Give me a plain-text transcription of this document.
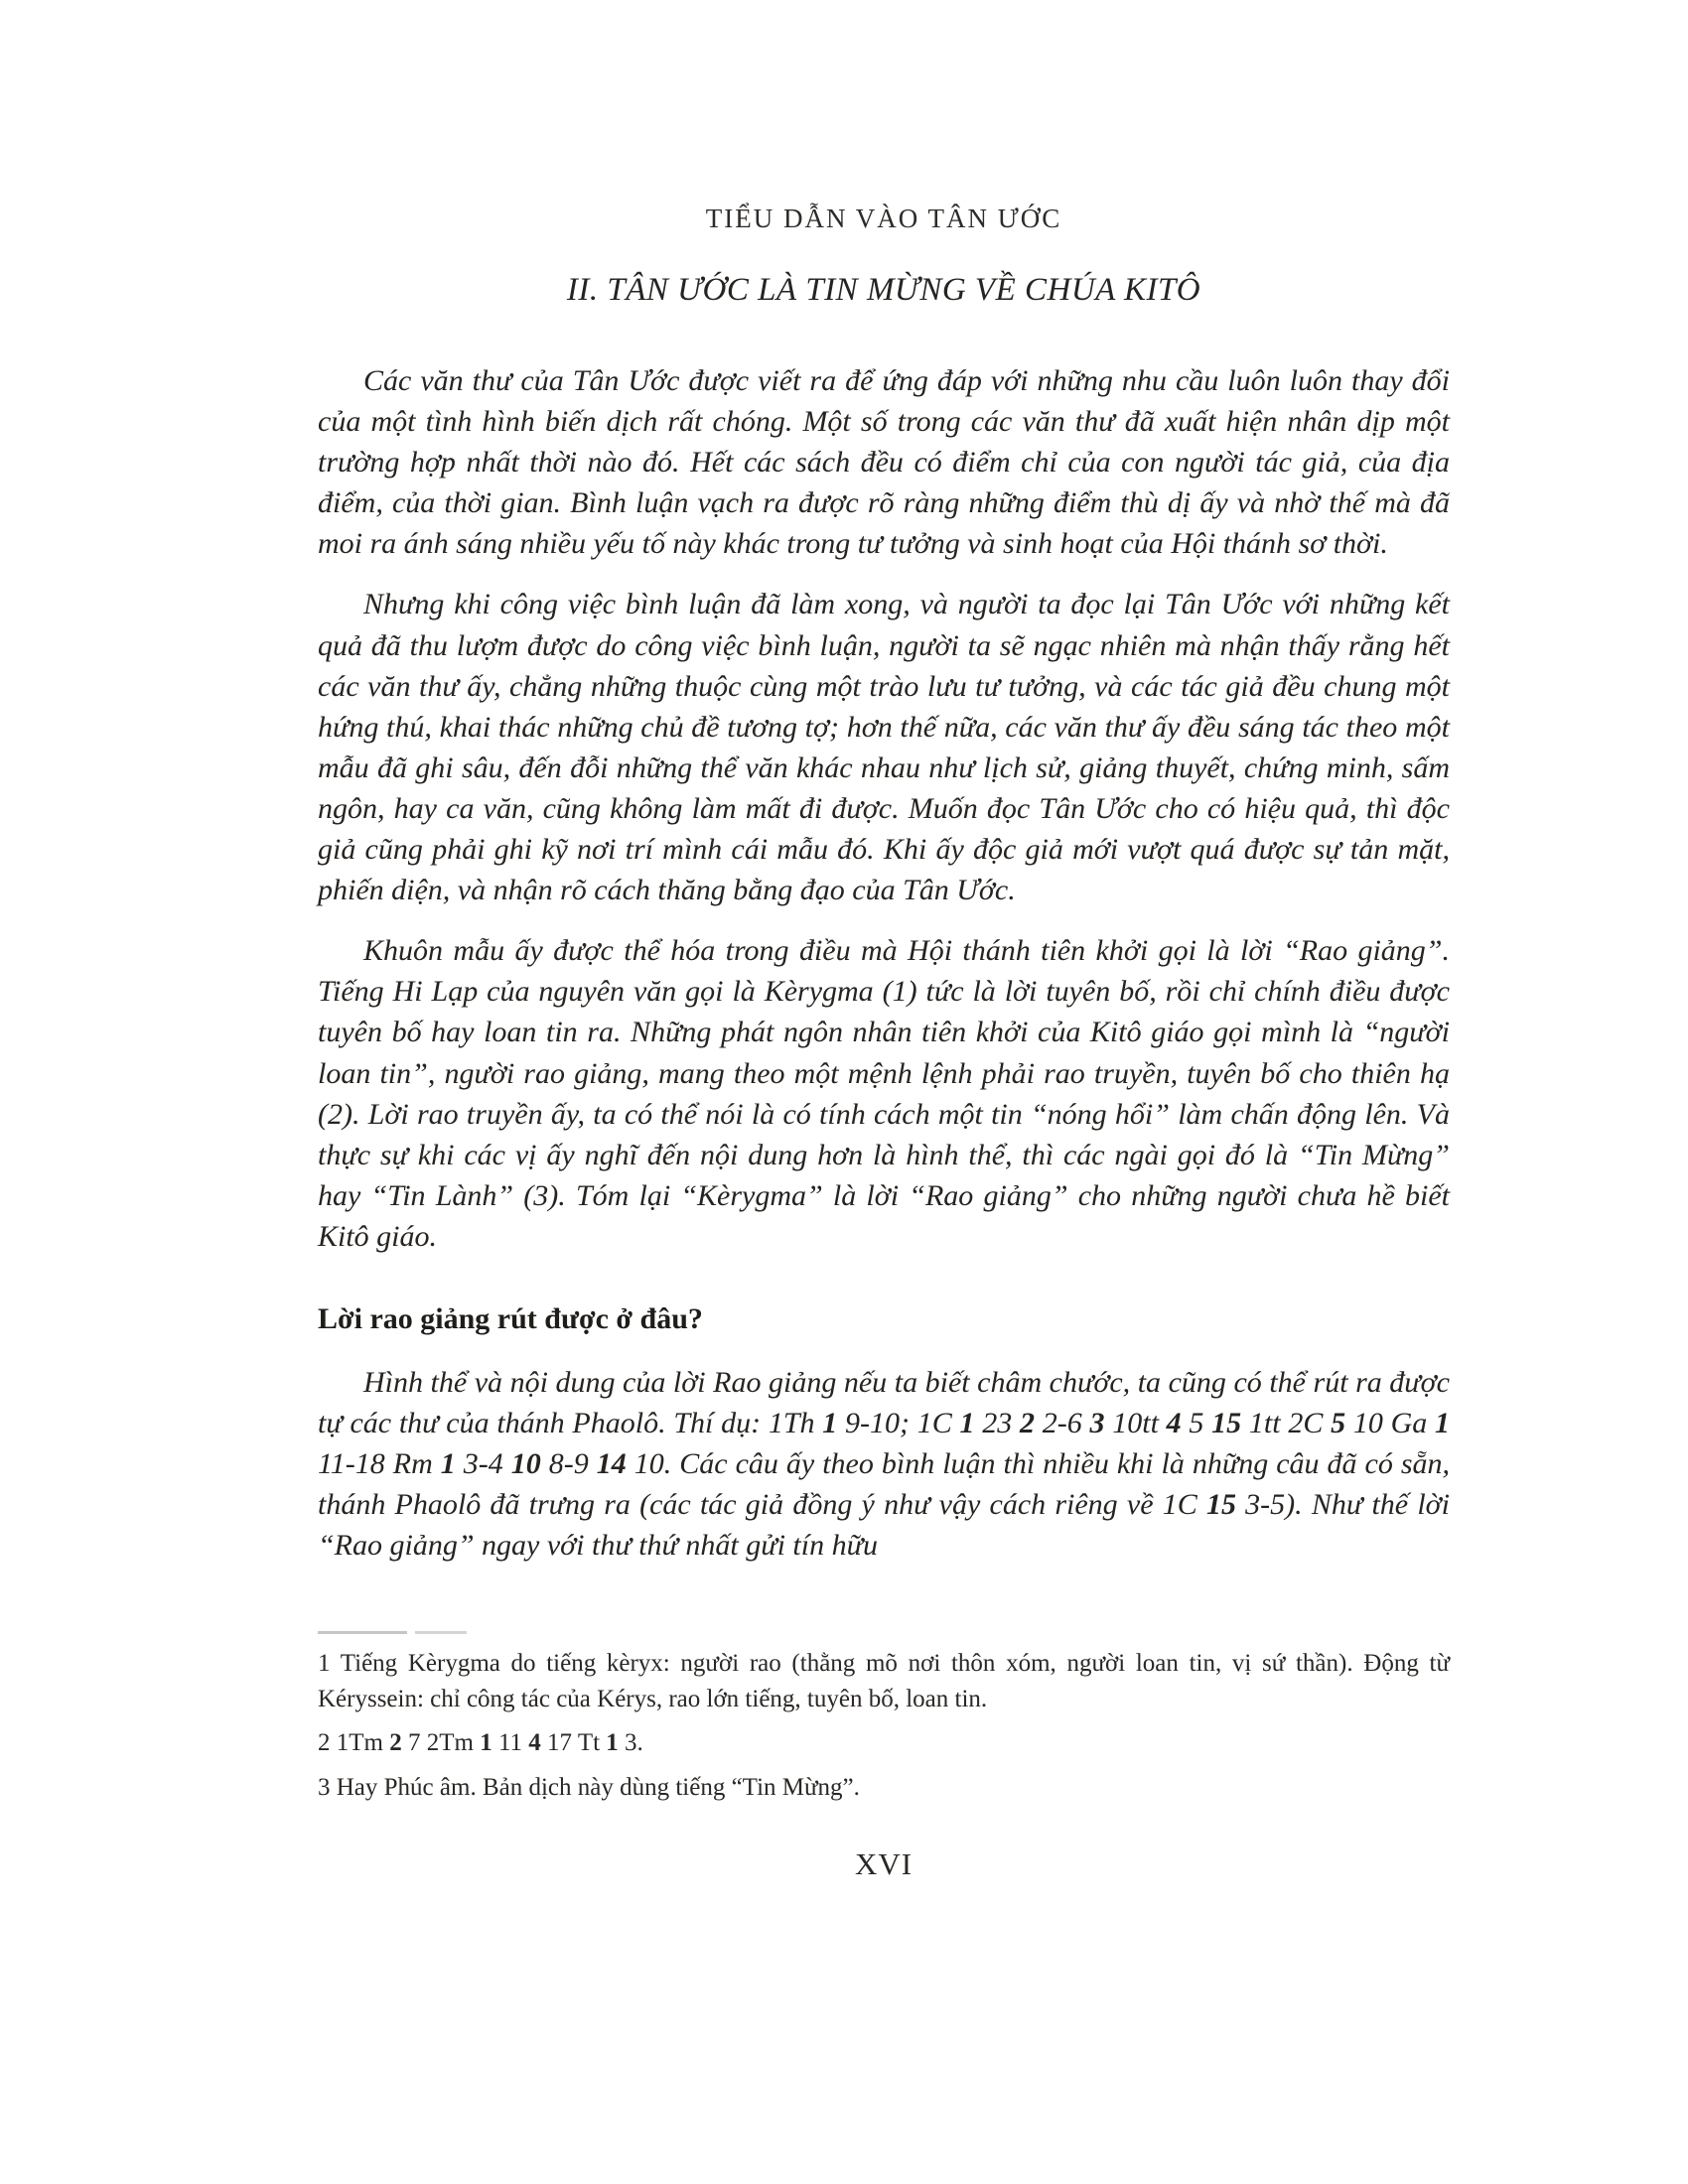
TIỂU DẪN VÀO TÂN ƯỚC
II. TÂN ƯỚC LÀ TIN MỪNG VỀ CHÚA KITÔ

Các văn thư của Tân Ước được viết ra để ứng đáp với những nhu cầu luôn luôn thay đổi của một tình hình biến dịch rất chóng. Một số trong các văn thư đã xuất hiện nhân dịp một trường hợp nhất thời nào đó. Hết các sách đều có điểm chỉ của con người tác giả, của địa điểm, của thời gian. Bình luận vạch ra được rõ ràng những điểm thù dị ấy và nhờ thế mà đã moi ra ánh sáng nhiều yếu tố này khác trong tư tưởng và sinh hoạt của Hội thánh sơ thời.

Nhưng khi công việc bình luận đã làm xong, và người ta đọc lại Tân Ước với những kết quả đã thu lượm được do công việc bình luận, người ta sẽ ngạc nhiên mà nhận thấy rằng hết các văn thư ấy, chẳng những thuộc cùng một trào lưu tư tưởng, và các tác giả đều chung một hứng thú, khai thác những chủ đề tương tợ; hơn thế nữa, các văn thư ấy đều sáng tác theo một mẫu đã ghi sâu, đến đỗi những thể văn khác nhau như lịch sử, giảng thuyết, chứng minh, sấm ngôn, hay ca văn, cũng không làm mất đi được. Muốn đọc Tân Ước cho có hiệu quả, thì độc giả cũng phải ghi kỹ nơi trí mình cái mẫu đó. Khi ấy độc giả mới vượt quá được sự tản mặt, phiến diện, và nhận rõ cách thăng bằng đạo của Tân Ước.

Khuôn mẫu ấy được thể hóa trong điều mà Hội thánh tiên khởi gọi là lời “Rao giảng”. Tiếng Hi Lạp của nguyên văn gọi là Kèrygma (1) tức là lời tuyên bố, rồi chỉ chính điều được tuyên bố hay loan tin ra. Những phát ngôn nhân tiên khởi của Kitô giáo gọi mình là “người loan tin”, người rao giảng, mang theo một mệnh lệnh phải rao truyền, tuyên bố cho thiên hạ (2). Lời rao truyền ấy, ta có thể nói là có tính cách một tin “nóng hổi” làm chấn động lên. Và thực sự khi các vị ấy nghĩ đến nội dung hơn là hình thể, thì các ngài gọi đó là “Tin Mừng” hay “Tin Lành” (3). Tóm lại “Kèrygma” là lời “Rao giảng” cho những người chưa hề biết Kitô giáo.

Lời rao giảng rút được ở đâu?

Hình thể và nội dung của lời Rao giảng nếu ta biết châm chước, ta cũng có thể rút ra được tự các thư của thánh Phaolô. Thí dụ: 1Th 1 9-10; 1C 1 23 2 2-6 3 10tt 4 5 15 1tt 2C 5 10 Ga 1 11-18 Rm 1 3-4 10 8-9 14 10. Các câu ấy theo bình luận thì nhiều khi là những câu đã có sẵn, thánh Phaolô đã trưng ra (các tác giả đồng ý như vậy cách riêng về 1C 15 3-5). Như thế lời “Rao giảng” ngay với thư thứ nhất gửi tín hữu

1 Tiếng Kèrygma do tiếng kèryx: người rao (thằng mõ nơi thôn xóm, người loan tin, vị sứ thần). Động từ Kéryssein: chỉ công tác của Kérys, rao lớn tiếng, tuyên bố, loan tin.

2 1Tm 2 7 2Tm 1 11 4 17 Tt 1 3.

3 Hay Phúc âm. Bản dịch này dùng tiếng “Tin Mừng”.

XVI
